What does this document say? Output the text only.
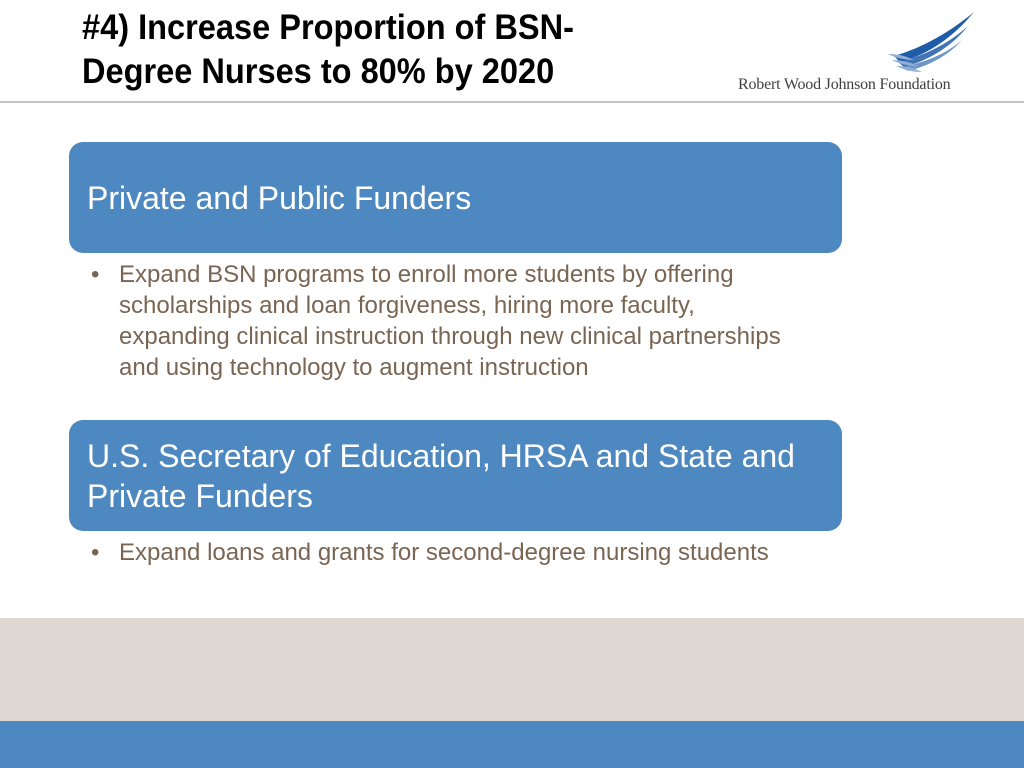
#4) Increase Proportion of BSN-
Degree Nurses to 80% by 2020	Robert Wood Johnson Foundation
Private and Public Funders
• Expand BSN programs to enroll more students by offering scholarships and loan forgiveness, hiring more faculty, expanding clinical instruction through new clinical partnerships and using technology to augment instruction
U.S. Secretary of Education, HRSA and State and Private Funders
• Expand loans and grants for second-degree nursing students
